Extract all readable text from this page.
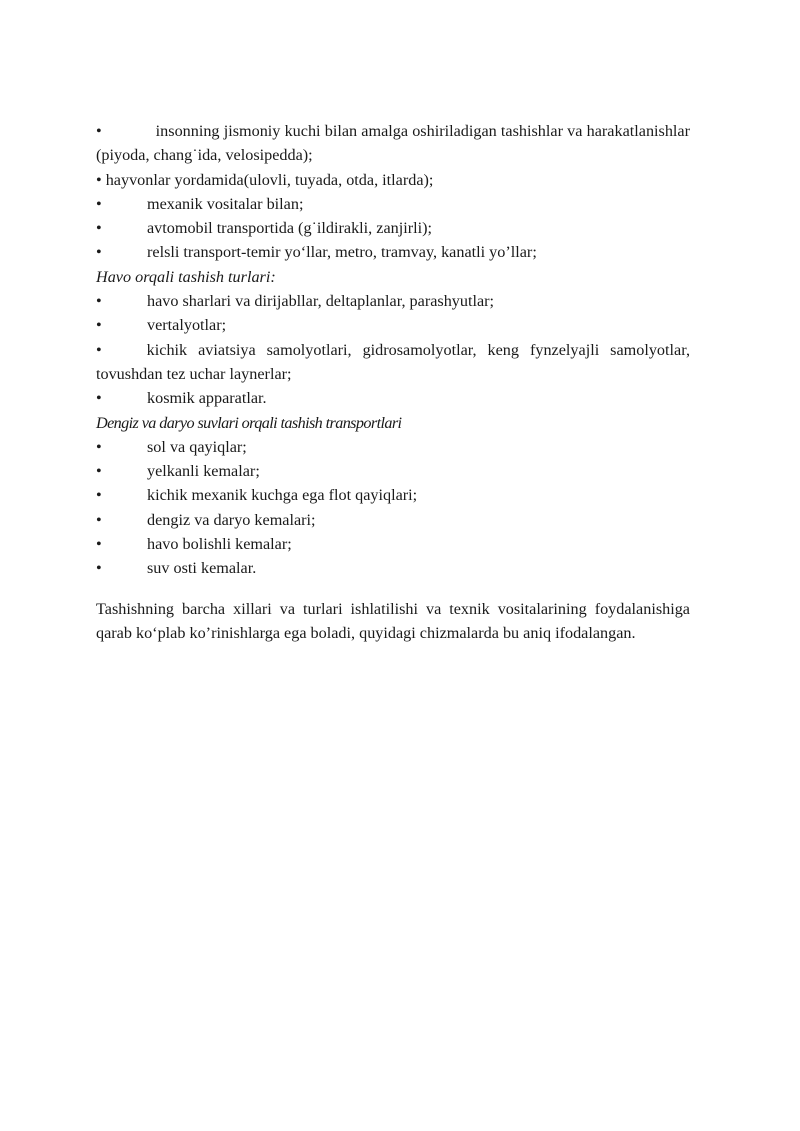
•	insonning jismoniy kuchi bilan amalga oshiriladigan tashishlar va harakatlanishlar (piyoda, chang˙ida, velosipedda);
• hayvonlar yordamida(ulovli, tuyada, otda, itlarda);
•	mexanik vositalar bilan;
•	avtomobil transportida (g˙ildirakli, zanjirli);
•	relsli transport-temir yo‘llar, metro, tramvay, kanatli yo’llar;
Havo orqali tashish turlari:
•	havo sharlari va dirijabllar, deltaplanlar, parashyutlar;
•	vertalyotlar;
•	kichik aviatsiya samolyotlari, gidrosamolyotlar, keng fynzelyajli samolyotlar, tovushdan tez uchar laynerlar;
•	kosmik apparatlar.
Dengiz va daryo suvlari orqali tashish transportlari
•	sol va qayiqlar;
•	yelkanli kemalar;
•	kichik mexanik kuchga ega flot qayiqlari;
•	dengiz va daryo kemalari;
•	havo bolishli kemalar;
•	suv osti kemalar.

Tashishning barcha xillari va turlari ishlatilishi va texnik vositalarining foydalanishiga qarab ko‘plab ko’rinishlarga ega boladi, quyidagi chizmalarda bu aniq ifodalangan.
